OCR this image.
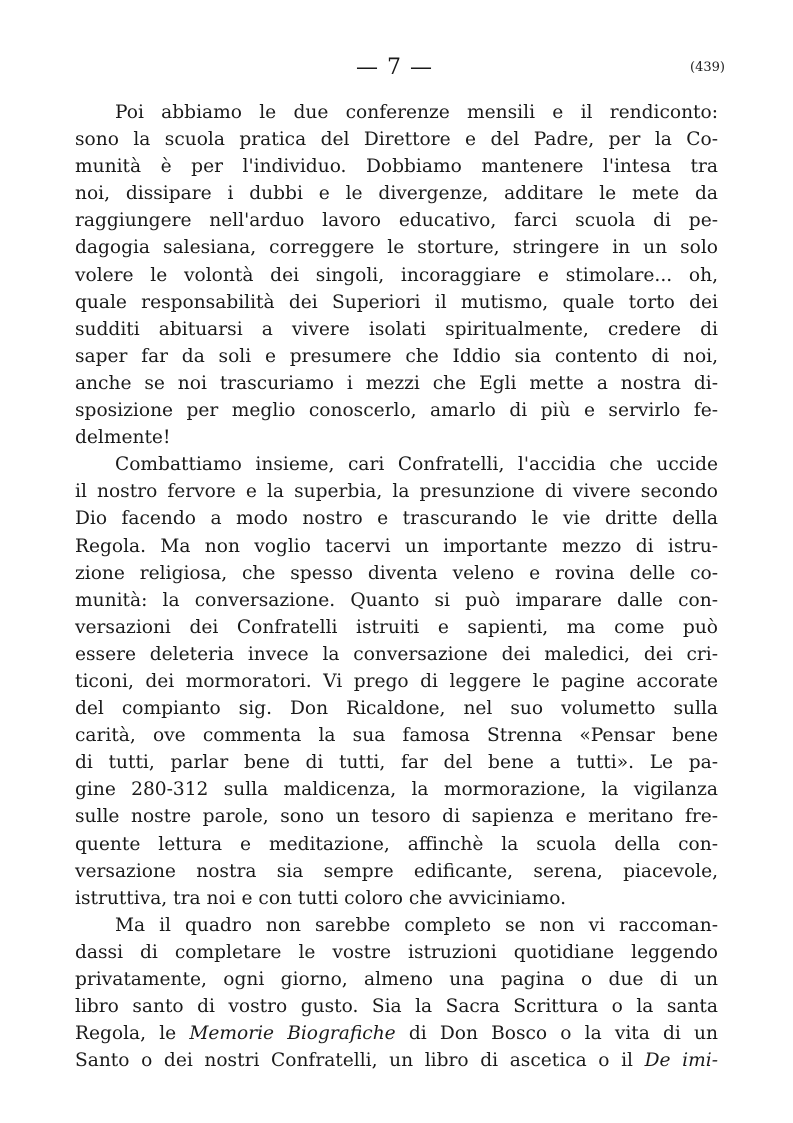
— 7 —	(439)
Poi abbiamo le due conferenze mensili e il rendiconto:
sono la scuola pratica del Direttore e del Padre, per la Co-
munità è per l'individuo. Dobbiamo mantenere l'intesa tra
noi, dissipare i dubbi e le divergenze, additare le mete da
raggiungere nell'arduo lavoro educativo, farci scuola di pe-
dagogia salesiana, correggere le storture, stringere in un solo
volere le volontà dei singoli, incoraggiare e stimolare... oh,
quale responsabilità dei Superiori il mutismo, quale torto dei
sudditi abituarsi a vivere isolati spiritualmente, credere di
saper far da soli e presumere che Iddio sia contento di noi,
anche se noi trascuriamo i mezzi che Egli mette a nostra di-
sposizione per meglio conoscerlo, amarlo di più e servirlo fe-
delmente!
Combattiamo insieme, cari Confratelli, l'accidia che uccide
il nostro fervore e la superbia, la presunzione di vivere secondo
Dio facendo a modo nostro e trascurando le vie dritte della
Regola. Ma non voglio tacervi un importante mezzo di istru-
zione religiosa, che spesso diventa veleno e rovina delle co-
munità: la conversazione. Quanto si può imparare dalle con-
versazioni dei Confratelli istruiti e sapienti, ma come può
essere deleteria invece la conversazione dei maledici, dei cri-
ticoni, dei mormoratori. Vi prego di leggere le pagine accorate
del compianto sig. Don Ricaldone, nel suo volumetto sulla
carità, ove commenta la sua famosa Strenna «Pensar bene
di tutti, parlar bene di tutti, far del bene a tutti». Le pa-
gine 280-312 sulla maldicenza, la mormorazione, la vigilanza
sulle nostre parole, sono un tesoro di sapienza e meritano fre-
quente lettura e meditazione, affinchè la scuola della con-
versazione nostra sia sempre edificante, serena, piacevole,
istruttiva, tra noi e con tutti coloro che avviciniamo.
Ma il quadro non sarebbe completo se non vi raccoman-
dassi di completare le vostre istruzioni quotidiane leggendo
privatamente, ogni giorno, almeno una pagina o due di un
libro santo di vostro gusto. Sia la Sacra Scrittura o la santa
Regola, le Memorie Biografiche di Don Bosco o la vita di un
Santo o dei nostri Confratelli, un libro di ascetica o il De imi-
